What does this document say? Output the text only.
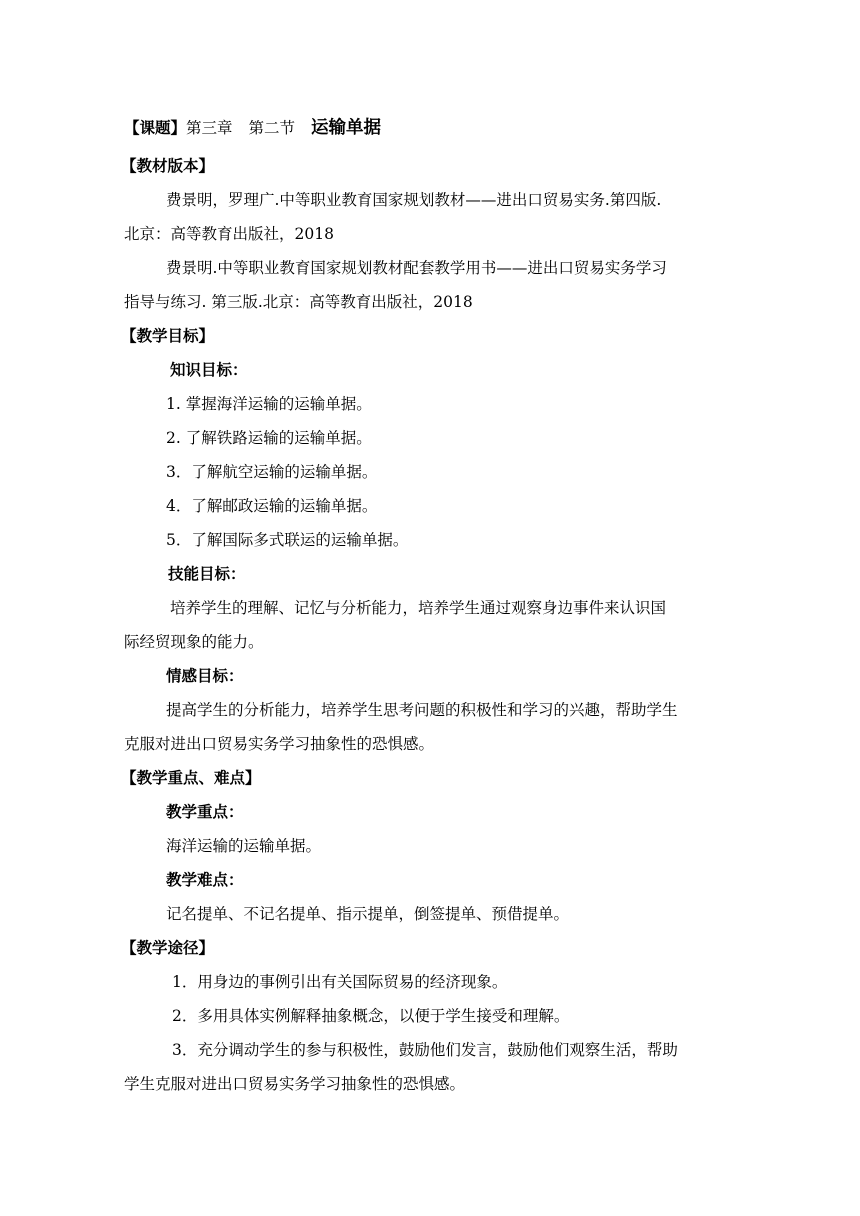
【课题】第三章 第二节 运输单据
【教材版本】
费景明，罗理广.中等职业教育国家规划教材——进出口贸易实务.第四版.
北京：高等教育出版社，2018
费景明.中等职业教育国家规划教材配套教学用书——进出口贸易实务学习
指导与练习. 第三版.北京：高等教育出版社，2018
【教学目标】
知识目标：
1. 掌握海洋运输的运输单据。
2. 了解铁路运输的运输单据。
3．了解航空运输的运输单据。
4．了解邮政运输的运输单据。
5．了解国际多式联运的运输单据。
技能目标：
培养学生的理解、记忆与分析能力，培养学生通过观察身边事件来认识国
际经贸现象的能力。
情感目标：
提高学生的分析能力，培养学生思考问题的积极性和学习的兴趣，帮助学生
克服对进出口贸易实务学习抽象性的恐惧感。
【教学重点、难点】
教学重点：
海洋运输的运输单据。
教学难点：
记名提单、不记名提单、指示提单，倒签提单、预借提单。
【教学途径】
1．用身边的事例引出有关国际贸易的经济现象。
2．多用具体实例解释抽象概念，以便于学生接受和理解。
3．充分调动学生的参与积极性，鼓励他们发言，鼓励他们观察生活，帮助
学生克服对进出口贸易实务学习抽象性的恐惧感。
